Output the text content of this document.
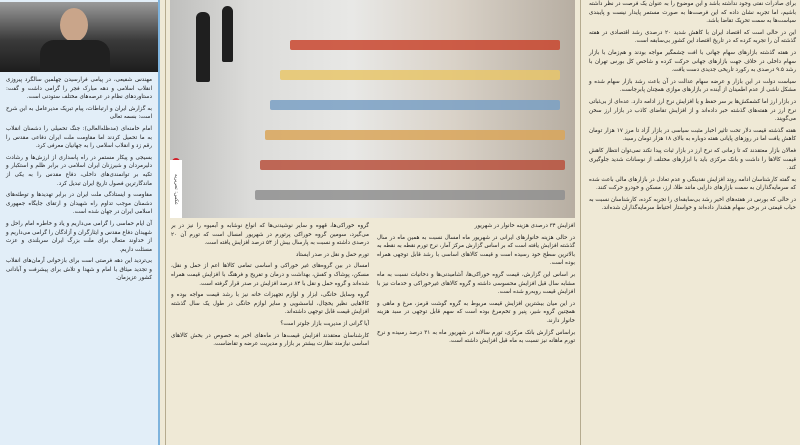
مهندس شفیعی، در پیامی فرارسیدن چهلمین سالگرد پیروزی انقلاب اسلامی و دهه مبارک فجر را گرامی داشت و گفت: دستاوردهای نظام در عرصه‌های مختلف ستودنی است.

به گزارش ایران و ارتباطات، پیام تبریک مدیرعامل به این شرح است: بسمه تعالی

امام خامنه‌ای (مدظله‌العالی): جنگ تحمیلی را دشمنان انقلاب به ما تحمیل کردند اما مقاومت ملت ایران دفاعی مقدس را رقم زد و انقلاب اسلامی را به جهانیان معرفی کرد.

بسیجی و پیکار مستمر در راه پاسداری از ارزش‌ها و رشادت دلیرمردان و شیرزنان ایران اسلامی در برابر ظلم و استکبار و تکیه بر توانمندی‌های داخلی، دفاع مقدس را به یکی از ماندگارترین فصول تاریخ ایران تبدیل کرد.

مقاومت و ایستادگی ملت ایران در برابر تهدیدها و توطئه‌های دشمنان موجب تداوم راه شهیدان و ارتقای جایگاه جمهوری اسلامی ایران در جهان شده است.

آن ایام حماسی را گرامی می‌داریم و یاد و خاطره امام راحل و شهیدان دفاع مقدس و ایثارگران و آزادگان را گرامی می‌داریم و از خداوند متعال برای ملت بزرگ ایران سربلندی و عزت مسئلت داریم.

بی‌تردید این دهه فرصتی است برای بازخوانی آرمان‌های انقلاب و تجدید میثاق با امام و شهدا و تلاش برای پیشرفت و آبادانی کشور عزیزمان.

عکس: تحریریه

افزایش ۳۴ درصدی هزینه خانوار در شهریور

در حالی هزینه خانوارهای ایرانی در شهریور ماه امسال نسبت به همین ماه در سال گذشته افزایش یافته است که بر اساس گزارش مرکز آمار، نرخ تورم نقطه به نقطه به بالاترین سطح خود رسیده است و قیمت کالاهای اساسی با رشد قابل توجهی همراه بوده است.

بر اساس این گزارش، قیمت گروه خوراکی‌ها، آشامیدنی‌ها و دخانیات نسبت به ماه مشابه سال قبل افزایش محسوسی داشته و گروه کالاهای غیرخوراکی و خدمات نیز با افزایش قیمت روبه‌رو شده است.

در این میان بیشترین افزایش قیمت مربوط به گروه گوشت قرمز، مرغ و ماهی و همچنین گروه شیر، پنیر و تخم‌مرغ بوده است که سهم قابل توجهی در سبد هزینه خانوار دارند.

براساس گزارش بانک مرکزی، تورم سالانه در شهریور ماه به ۳۱ درصد رسیده و نرخ تورم ماهانه نیز نسبت به ماه قبل افزایش داشته است.

گروه خوراکی‌ها، قهوه و سایر نوشیدنی‌ها که انواع نوشابه و آبمیوه را نیز در بر می‌گیرد، سومین گروه خوراکی پرتورم در شهریور امسال است که تورم آن ۲۰ درصدی داشته و نسبت به پارسال بیش از ۵۴ درصد افزایش یافته است.

تورم حمل و نقل در صدر ایستاد

امسال در بین گروه‌های غیر خوراکی و اساسی تمامی کالاها اعم از حمل و نقل، مسکن، پوشاک و کفش، بهداشت و درمان و تفریح و فرهنگ با افزایش قیمت همراه شده‌اند و گروه حمل و نقل با ۸۴ درصد افزایش در صدر قرار گرفته است.

گروه وسایل خانگی، ابزار و لوازم تجهیزات خانه نیز با رشد قیمت مواجه بوده و کالاهایی نظیر یخچال، لباسشویی و سایر لوازم خانگی در طول یک سال گذشته افزایش قیمت قابل توجهی داشته‌اند.

آیا گرانی از مدیریت بازار جلوتر است؟

کارشناسان معتقدند افزایش قیمت‌ها در ماه‌های اخیر به خصوص در بخش کالاهای اساسی نیازمند نظارت بیشتر بر بازار و مدیریت عرضه و تقاضاست.

برای صادرات نفتی وجود نداشته باشد و این موضوع را به عنوان یک فرصت در نظر داشته باشیم، اما تجربه نشان داده که این فرصت‌ها به صورت مستمر پایدار نیست و پایبندی سیاست‌ها به سمت تحریک تقاضا باشد.

این در حالی است که اقتصاد ایران با کاهش شدید ۲۰ درصدی رشد اقتصادی در هفته گذشته آن را تجربه کرده که در تاریخ اقتصاد این کشور بی‌سابقه است.

در هفته گذشته بازارهای سهام جهانی با افت چشمگیر مواجه بودند و هم‌زمان با بازار سهام داخلی در خلاف جهت بازارهای جهانی حرکت کرده و شاخص کل بورس تهران با رشد ۹.۵ درصدی به رکورد تاریخی جدیدی دست یافت.

سیاست دولت در این بازار و عرضه سهام عدالت در آن باعث رشد بازار سهام شده و مشکل ناشی از عدم اطمینان از آینده در بازارهای موازی همچنان پابرجاست.

در بازار ارز اما کشمکش‌ها بر سر حفظ و یا افزایش نرخ ارز ادامه دارد. عده‌ای از بی‌ثباتی نرخ ارز در هفته‌های گذشته خبر داده‌اند و از افزایش تقاضای کاذب در بازار ارز سخن می‌گویند.

هفته گذشته قیمت دلار تحت تاثیر اخبار مثبت سیاسی در بازار آزاد تا مرز ۱۷ هزار تومان کاهش یافت اما در روزهای پایانی هفته دوباره به بالای ۱۸ هزار تومان رسید.

فعالان بازار معتقدند که تا زمانی که نرخ ارز در بازار ثبات پیدا نکند نمی‌توان انتظار کاهش قیمت کالاها را داشت و بانک مرکزی باید با ابزارهای مختلف از نوسانات شدید جلوگیری کند.

به گفته کارشناسان ادامه روند افزایش نقدینگی و عدم تعادل در بازارهای مالی باعث شده که سرمایه‌گذاران به سمت بازارهای دارایی مانند طلا، ارز، مسکن و خودرو حرکت کنند.

در حالی که بورس در هفته‌های اخیر رشد بی‌سابقه‌ای را تجربه کرده، کارشناسان نسبت به حباب قیمتی در برخی سهام هشدار داده‌اند و خواستار احتیاط سرمایه‌گذاران شده‌اند.
